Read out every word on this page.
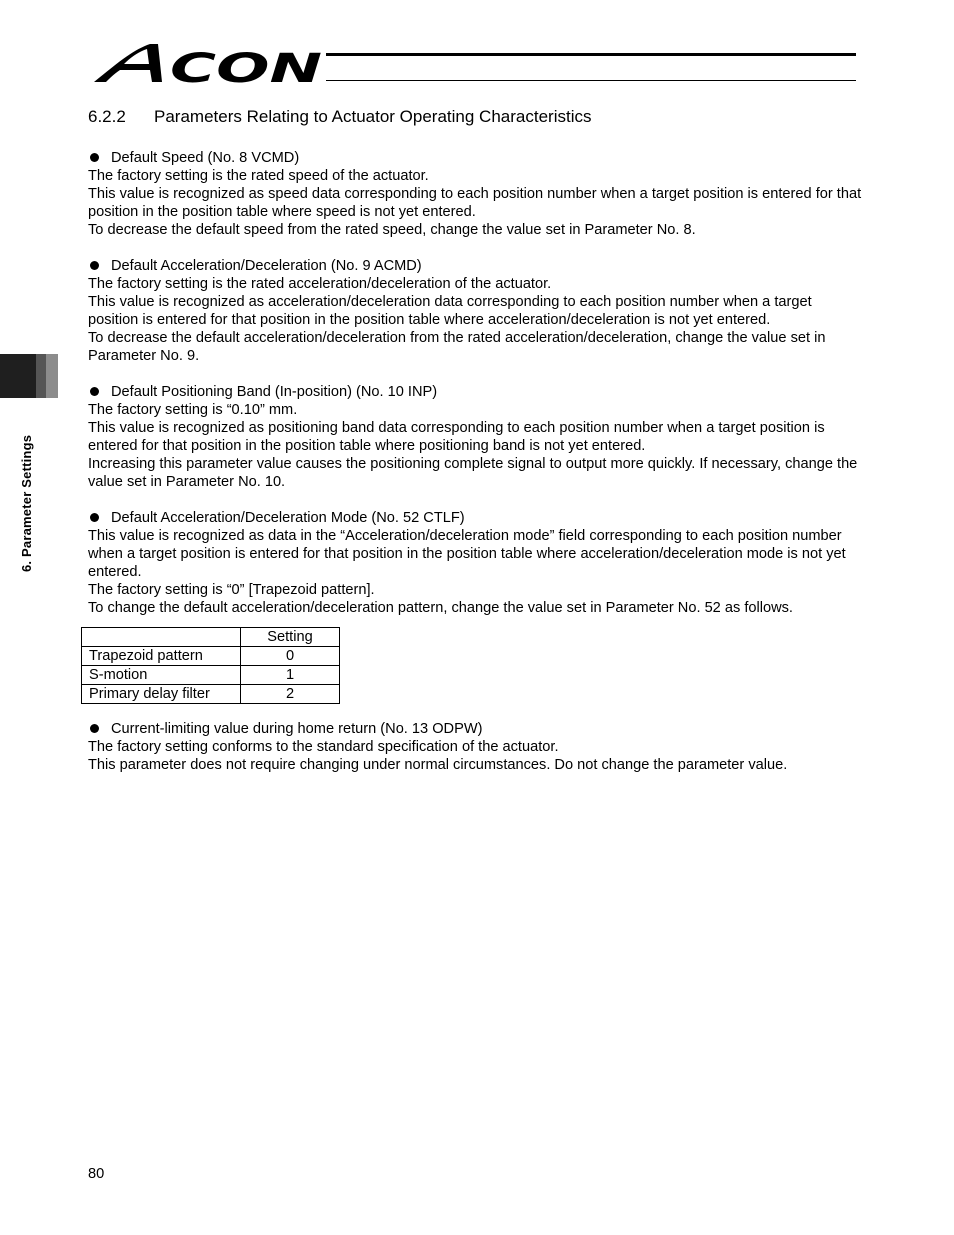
CON
6. Parameter Settings
6.2.2 Parameters Relating to Actuator Operating Characteristics
Default Speed (No. 8 VCMD)

The factory setting is the rated speed of the actuator.

This value is recognized as speed data corresponding to each position number when a target position is entered for that position in the position table where speed is not yet entered.

To decrease the default speed from the rated speed, change the value set in Parameter No. 8.

Default Acceleration/Deceleration (No. 9 ACMD)

The factory setting is the rated acceleration/deceleration of the actuator.

This value is recognized as acceleration/deceleration data corresponding to each position number when a target position is entered for that position in the position table where acceleration/deceleration is not yet entered.

To decrease the default acceleration/deceleration from the rated acceleration/deceleration, change the value set in Parameter No. 9.

Default Positioning Band (In-position) (No. 10 INP)

The factory setting is “0.10” mm.

This value is recognized as positioning band data corresponding to each position number when a target position is entered for that position in the position table where positioning band is not yet entered.

Increasing this parameter value causes the positioning complete signal to output more quickly. If necessary, change the value set in Parameter No. 10.

Default Acceleration/Deceleration Mode (No. 52 CTLF)

This value is recognized as data in the “Acceleration/deceleration mode” field corresponding to each position number when a target position is entered for that position in the position table where acceleration/deceleration mode is not yet entered.

The factory setting is “0” [Trapezoid pattern].

To change the default acceleration/deceleration pattern, change the value set in Parameter No. 52 as follows.

	Setting
Trapezoid pattern	0
S-motion	1
Primary delay filter	2
Current-limiting value during home return (No. 13 ODPW)

The factory setting conforms to the standard specification of the actuator.

This parameter does not require changing under normal circumstances. Do not change the parameter value.

80
